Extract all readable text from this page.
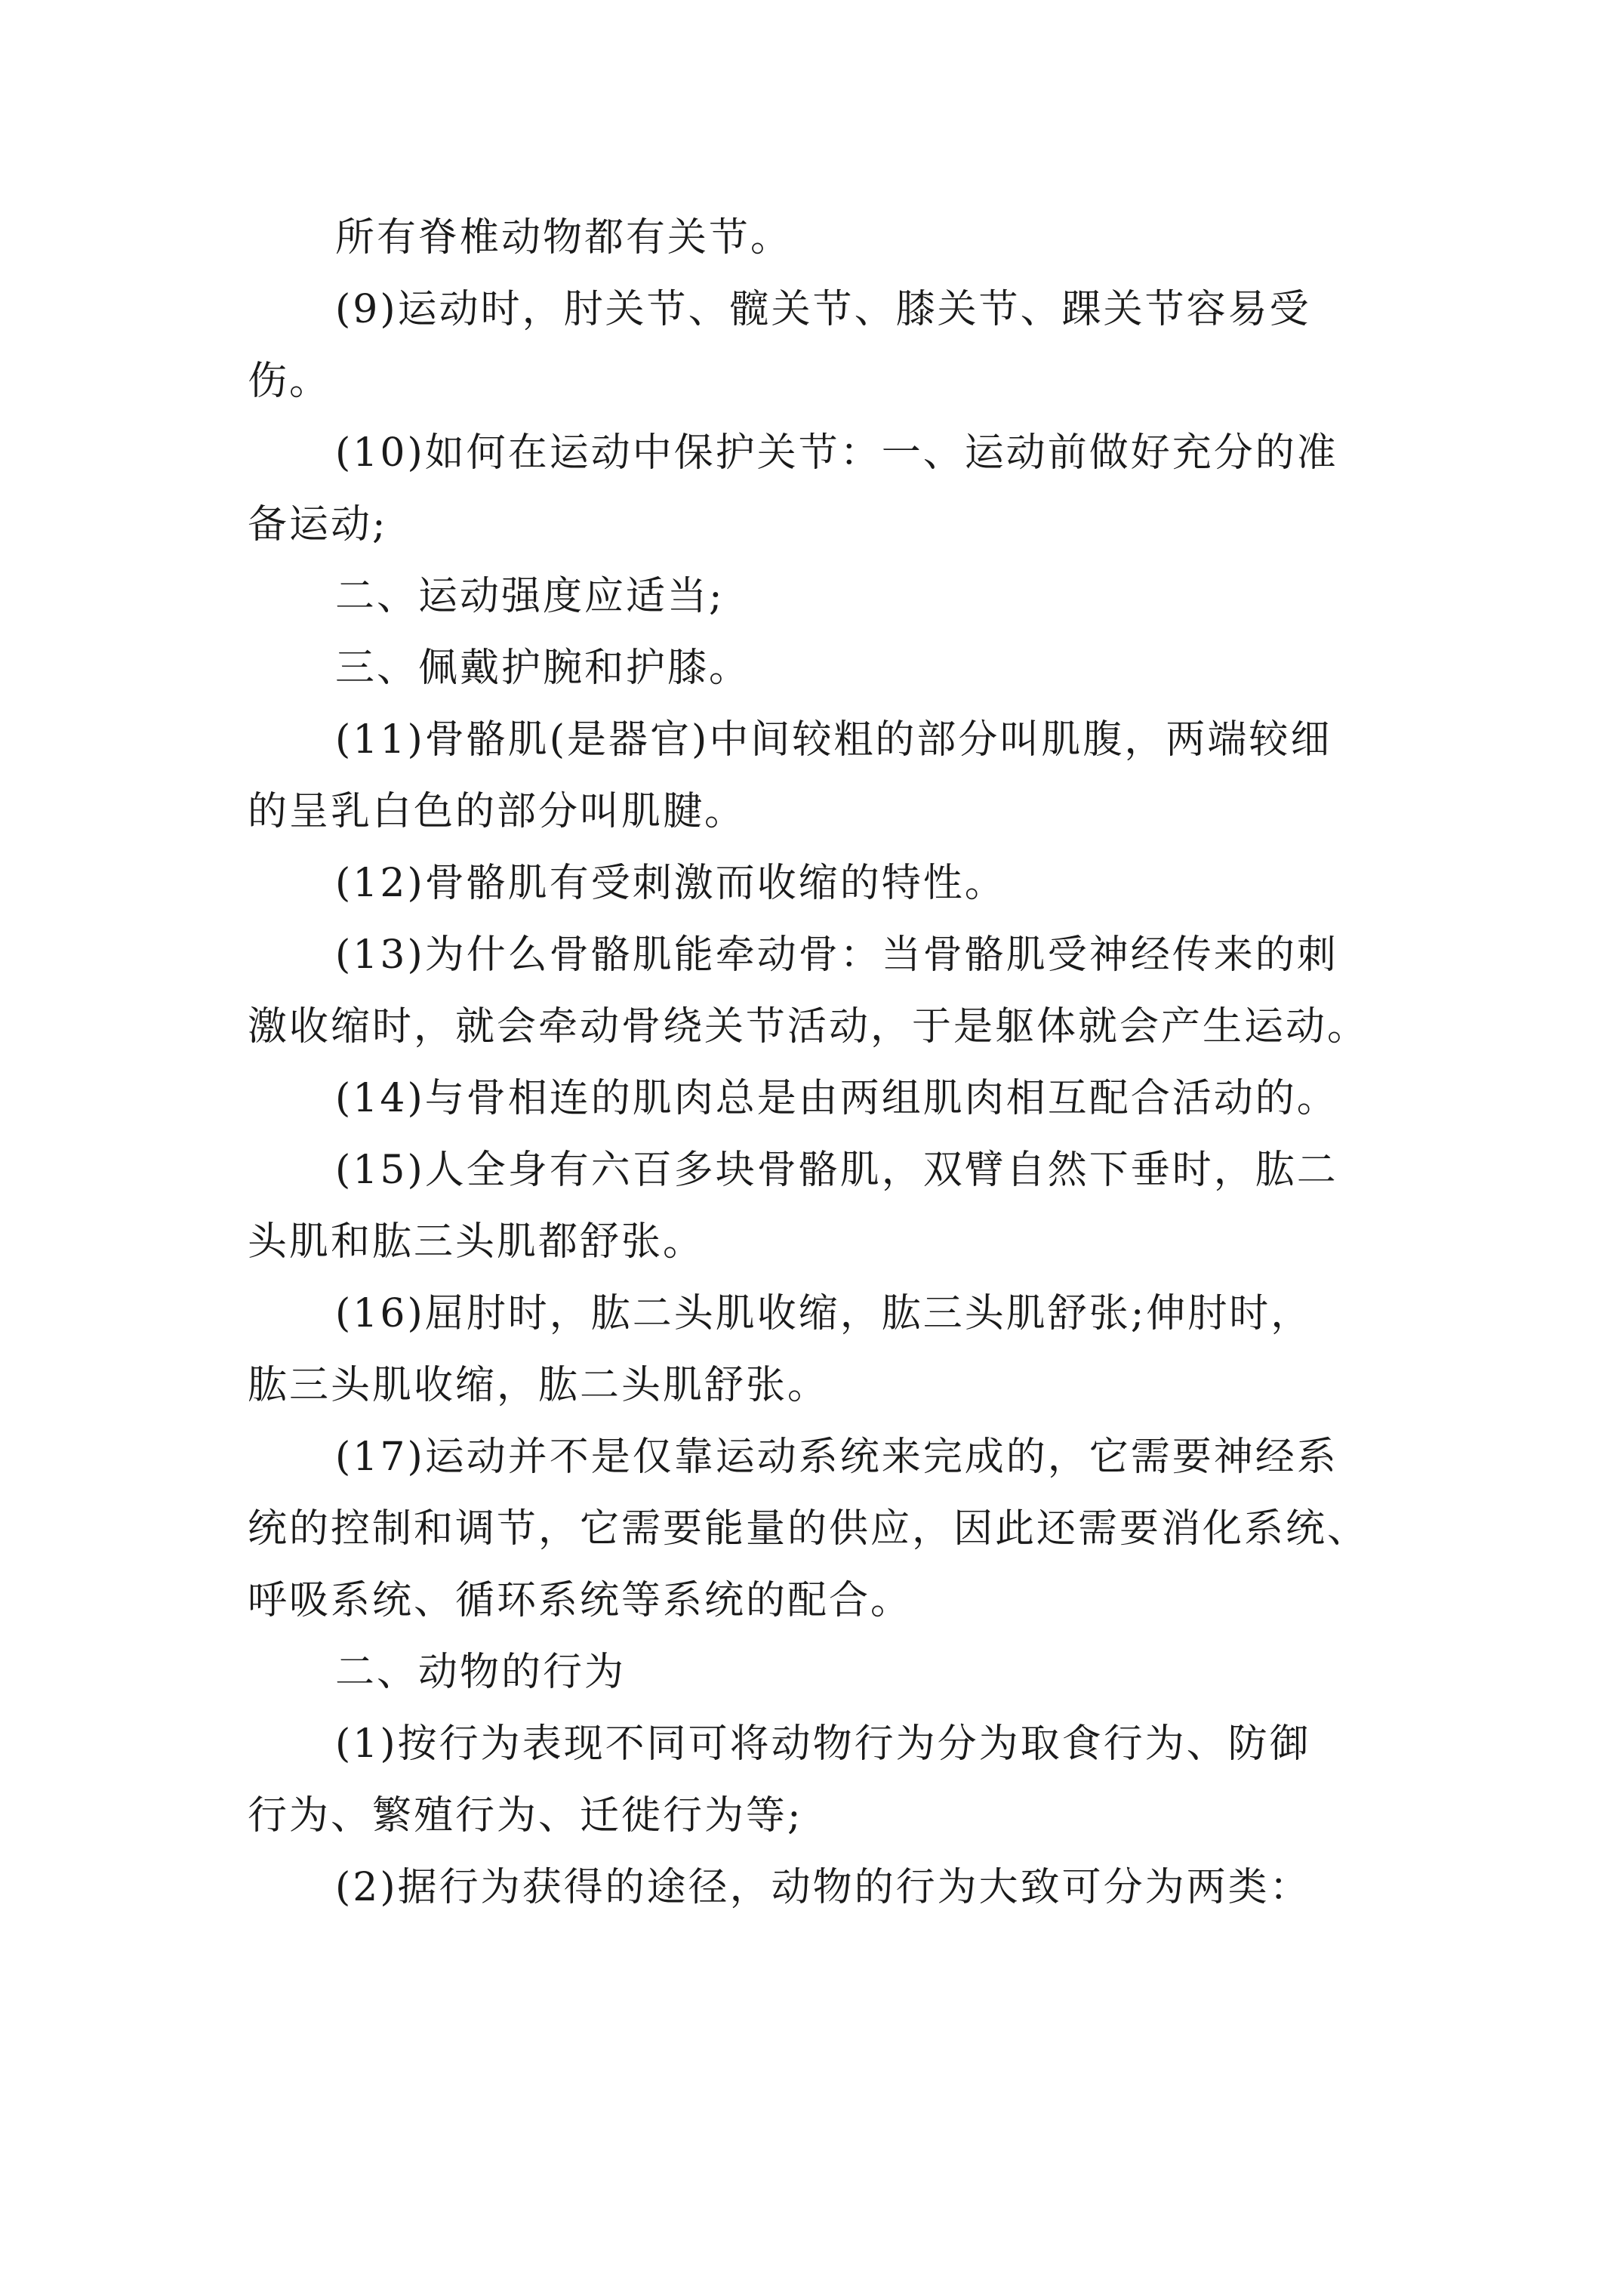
所有脊椎动物都有关节。
(9)运动时，肘关节、髋关节、膝关节、踝关节容易受
伤。
(10)如何在运动中保护关节：一、运动前做好充分的准
备运动;
二、运动强度应适当;
三、佩戴护腕和护膝。
(11)骨骼肌(是器官)中间较粗的部分叫肌腹，两端较细
的呈乳白色的部分叫肌腱。
(12)骨骼肌有受刺激而收缩的特性。
(13)为什么骨骼肌能牵动骨：当骨骼肌受神经传来的刺
激收缩时，就会牵动骨绕关节活动，于是躯体就会产生运动。
(14)与骨相连的肌肉总是由两组肌肉相互配合活动的。
(15)人全身有六百多块骨骼肌，双臂自然下垂时，肱二
头肌和肱三头肌都舒张。
(16)屈肘时，肱二头肌收缩，肱三头肌舒张;伸肘时，
肱三头肌收缩，肱二头肌舒张。
(17)运动并不是仅靠运动系统来完成的，它需要神经系
统的控制和调节，它需要能量的供应，因此还需要消化系统、
呼吸系统、循环系统等系统的配合。
二、动物的行为
(1)按行为表现不同可将动物行为分为取食行为、防御
行为、繁殖行为、迁徙行为等;
(2)据行为获得的途径，动物的行为大致可分为两类：
